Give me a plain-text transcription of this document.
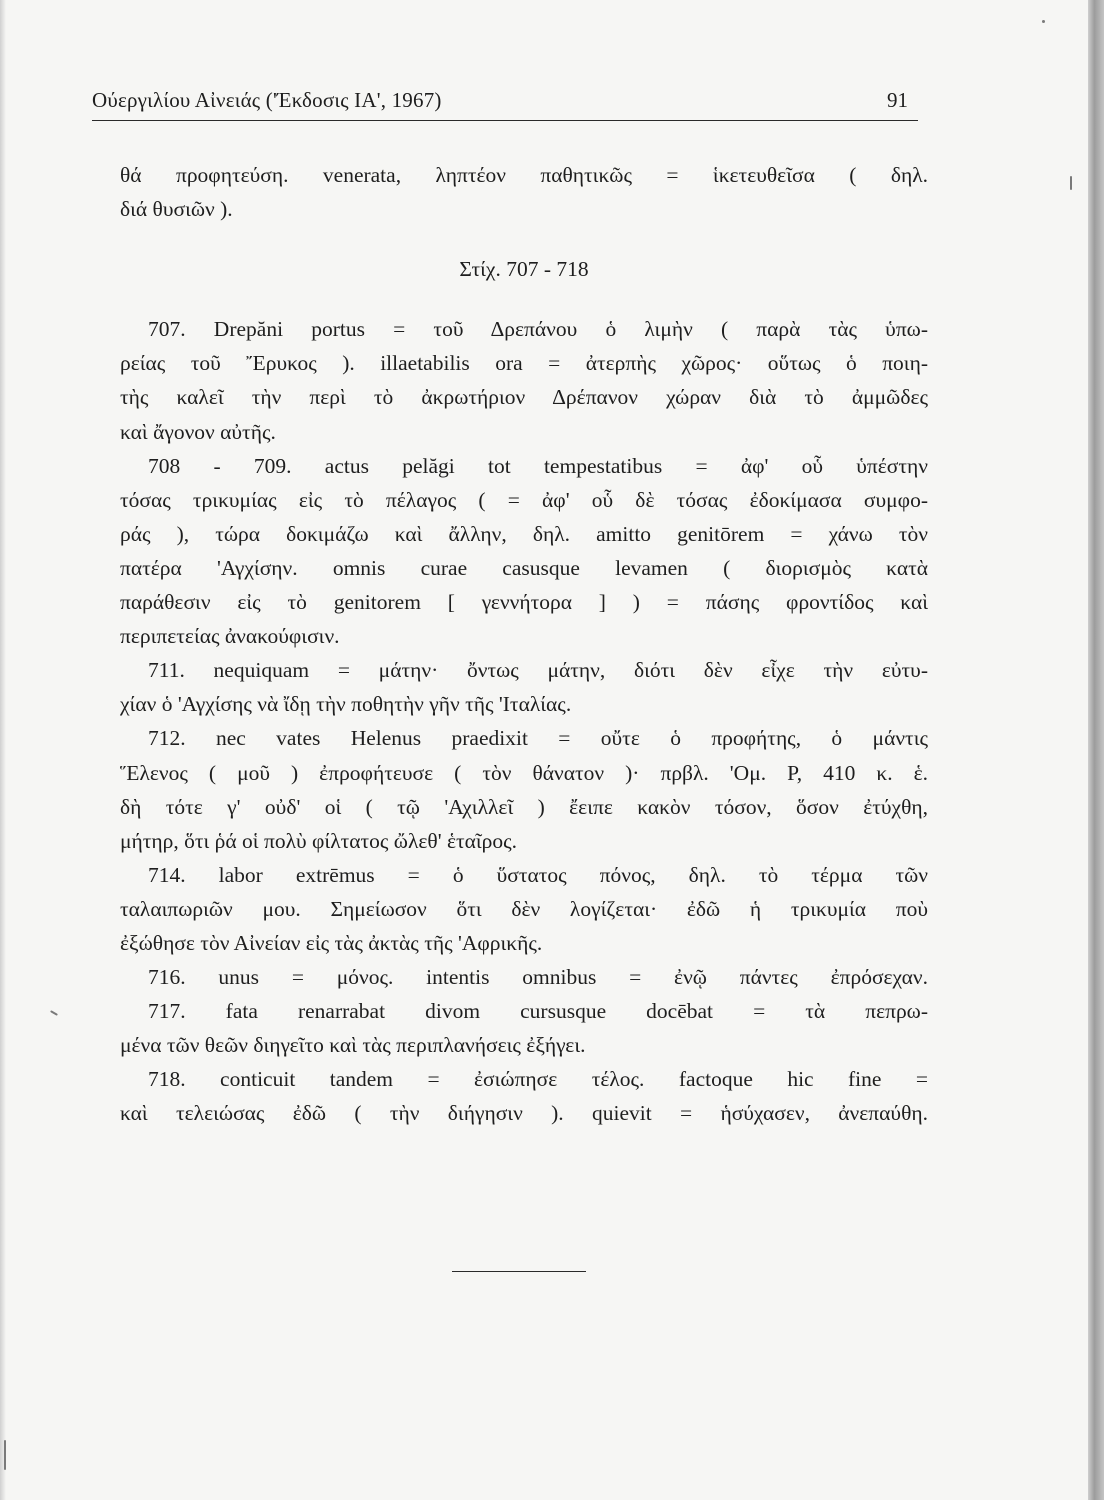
Ούεργιλίου Αἰνειάς ('Έκδοσις ΙΑ', 1967)	91
θά προφητεύση. venerata, ληπτέον παθητικῶς = ἱκετευθεῖσα ( δηλ.
διά θυσιῶν ).
Στίχ. 707 - 718
707. Drepăni portus = τοῦ Δρεπάνου ὁ λιμὴν ( παρὰ τὰς ὑπω-
ρείας τοῦ Ἔρυκος ). illaetabilis ora = ἀτερπὴς χῶρος· οὕτως ὁ ποιη-
τὴς καλεῖ τὴν περὶ τὸ ἀκρωτήριον Δρέπανον χώραν διὰ τὸ ἀμμῶδες
καὶ ἄγονον αὐτῆς.
708 - 709. actus pelăgi tot tempestatibus = ἀφ' οὗ ὑπέστην
τόσας τρικυμίας εἰς τὸ πέλαγος ( = ἀφ' οὗ δὲ τόσας ἐδοκίμασα συμφο-
ράς ), τώρα δοκιμάζω καὶ ἄλλην, δηλ. amitto genitōrem = χάνω τὸν
πατέρα 'Αγχίσην. omnis curae casusque levamen ( διορισμὸς κατὰ
παράθεσιν εἰς τὸ genitorem [ γεννήτορα ] ) = πάσης φροντίδος καὶ
περιπετείας ἀνακούφισιν.
711. nequiquam = μάτην· ὄντως μάτην, διότι δὲν εἶχε τὴν εὐτυ-
χίαν ὁ 'Αγχίσης νὰ ἴδῃ τὴν ποθητὴν γῆν τῆς 'Ιταλίας.
712. nec vates Helenus praedixit = οὔτε ὁ προφήτης, ὁ μάντις
Ἕλενος ( μοῦ ) ἐπροφήτευσε ( τὸν θάνατον )· πρβλ. 'Ομ. Ρ, 410 κ. ἑ.
δὴ τότε γ' οὐδ' οἱ ( τῷ 'Αχιλλεῖ ) ἔειπε κακὸν τόσον, ὅσον ἐτύχθη,
μήτηρ, ὅτι ῥά οἱ πολὺ φίλτατος ὤλεθ' ἑταῖρος.
714. labor extrēmus = ὁ ὕστατος πόνος, δηλ. τὸ τέρμα τῶν
ταλαιπωριῶν μου. Σημείωσον ὅτι δὲν λογίζεται· ἐδῶ ἡ τρικυμία ποὺ
ἐξώθησε τὸν Αἰνείαν εἰς τὰς ἀκτὰς τῆς 'Αφρικῆς.
716. unus = μόνος. intentis omnibus = ἐνῷ πάντες ἐπρόσεχαν.
717. fata renarrabat divom cursusque docēbat = τὰ πεπρω-
μένα τῶν θεῶν διηγεῖτο καὶ τὰς περιπλανήσεις ἐξήγει.
718. conticuit tandem = ἐσιώπησε τέλος. factoque hic fine =
καὶ τελειώσας ἐδῶ ( τὴν διήγησιν ). quievit = ἡσύχασεν, ἀνεπαύθη.
